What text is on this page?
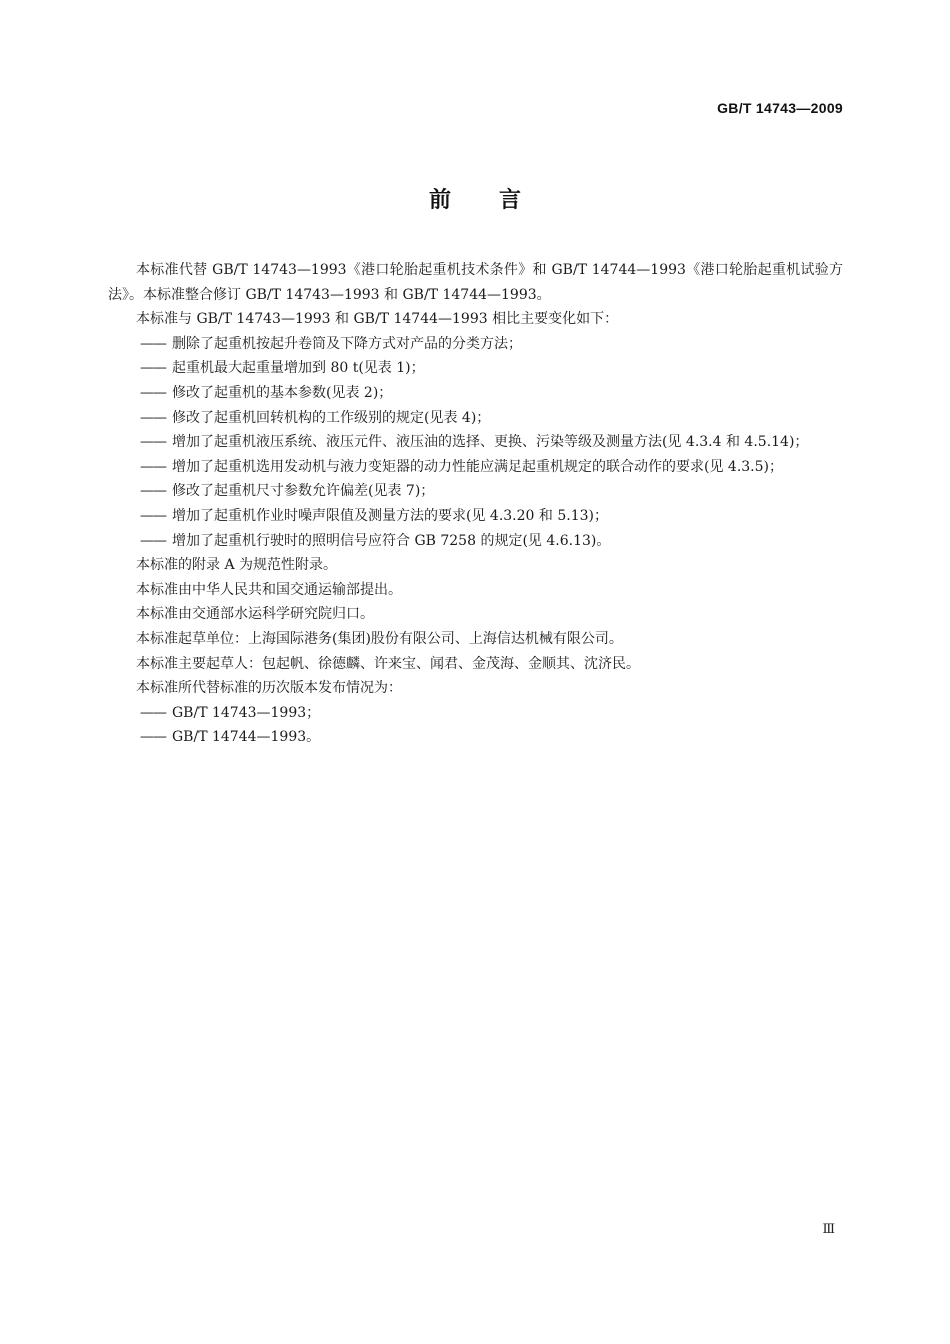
GB/T 14743—2009
前言

本标准代替 GB/T 14743—1993《港口轮胎起重机技术条件》和 GB/T 14744—1993《港口轮胎起重机试验方法》。本标准整合修订 GB/T 14743—1993 和 GB/T 14744—1993。

本标准与 GB/T 14743—1993 和 GB/T 14744—1993 相比主要变化如下：

—— 删除了起重机按起升卷筒及下降方式对产品的分类方法；

—— 起重机最大起重量增加到 80 t(见表 1)；

—— 修改了起重机的基本参数(见表 2)；

—— 修改了起重机回转机构的工作级别的规定(见表 4)；

—— 增加了起重机液压系统、液压元件、液压油的选择、更换、污染等级及测量方法(见 4.3.4 和 4.5.14)；

—— 增加了起重机选用发动机与液力变矩器的动力性能应满足起重机规定的联合动作的要求(见 4.3.5)；

—— 修改了起重机尺寸参数允许偏差(见表 7)；

—— 增加了起重机作业时噪声限值及测量方法的要求(见 4.3.20 和 5.13)；

—— 增加了起重机行驶时的照明信号应符合 GB 7258 的规定(见 4.6.13)。

本标准的附录 A 为规范性附录。

本标准由中华人民共和国交通运输部提出。

本标准由交通部水运科学研究院归口。

本标准起草单位：上海国际港务(集团)股份有限公司、上海信达机械有限公司。

本标准主要起草人：包起帆、徐德麟、许来宝、闻君、金茂海、金顺其、沈济民。

本标准所代替标准的历次版本发布情况为：

—— GB/T 14743—1993；

—— GB/T 14744—1993。

Ⅲ
